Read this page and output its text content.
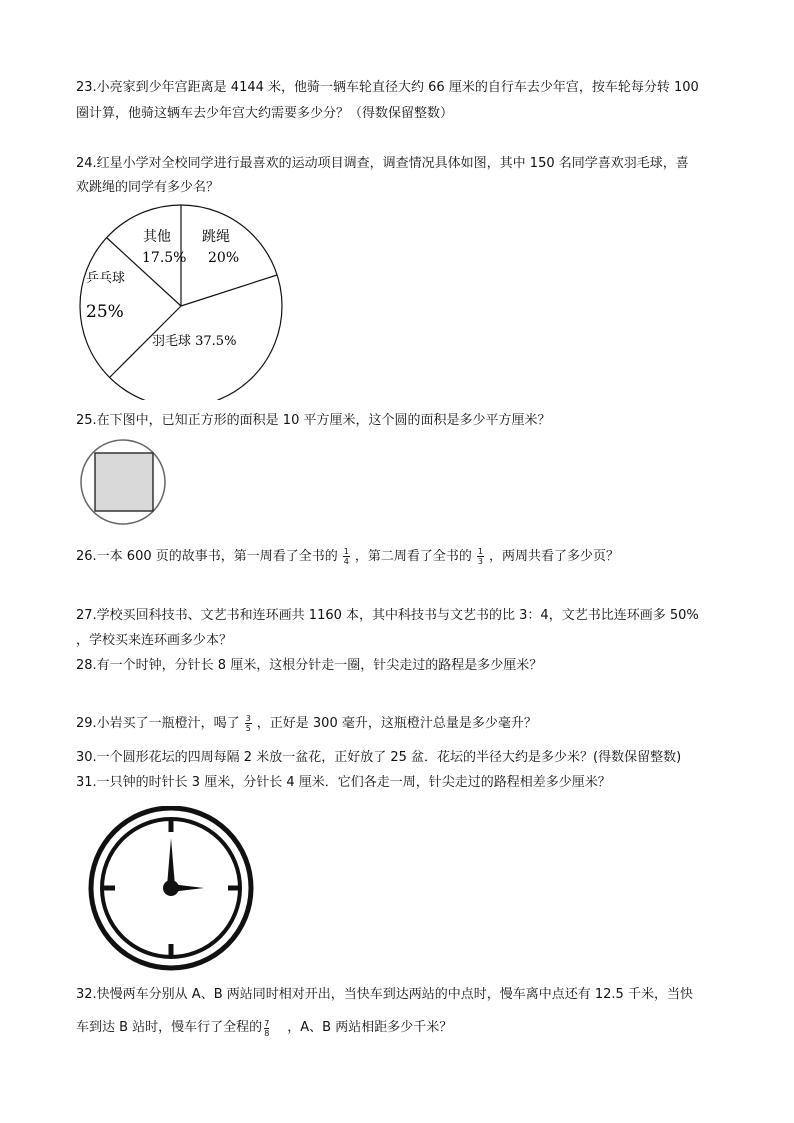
23.小亮家到少年宫距离是 4144 米，他骑一辆车轮直径大约 66 厘米的自行车去少年宫，按车轮每分转 100
圈计算，他骑这辆车去少年宫大约需要多少分？（得数保留整数）
24.红星小学对全校同学进行最喜欢的运动项目调查，调查情况具体如图，其中 150 名同学喜欢羽毛球，喜
欢跳绳的同学有多少名？
其他
17.5%
跳绳
20%
乒乓球
25%
羽毛球 37.5%
25.在下图中，已知正方形的面积是 10 平方厘米，这个圆的面积是多少平方厘米？
26.一本 600 页的故事书，第一周看了全书的 $\frac{1}{4}$ ，第二周看了全书的 $\frac{1}{3}$ ，两周共看了多少页？
27.学校买回科技书、文艺书和连环画共 1160 本，其中科技书与文艺书的比 3：4，文艺书比连环画多 50%
，学校买来连环画多少本？
28.有一个时钟，分针长 8 厘米，这根分针走一圈，针尖走过的路程是多少厘米？
29.小岩买了一瓶橙汁，喝了 $\frac{3}{5}$ ，正好是 300 毫升，这瓶橙汁总量是多少毫升？
30.一个圆形花坛的四周每隔 2 米放一盆花，正好放了 25 盆．花坛的半径大约是多少米？(得数保留整数)
31.一只钟的时针长 3 厘米，分针长 4 厘米．它们各走一周，针尖走过的路程相差多少厘米？
32.快慢两车分别从 A、B 两站同时相对开出，当快车到达两站的中点时，慢车离中点还有 12.5 千米，当快
车到达 B 站时，慢车行了全程的 $\frac{7}{8}$ ，A、B 两站相距多少千米？
